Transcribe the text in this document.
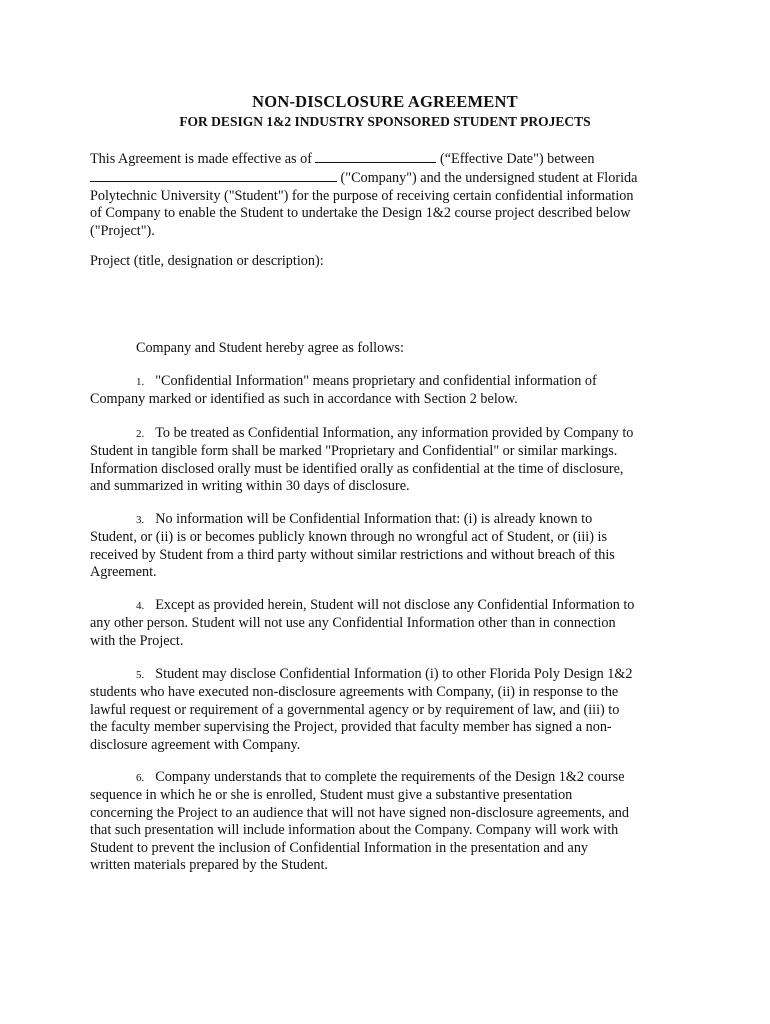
NON-DISCLOSURE AGREEMENT
FOR DESIGN 1&2 INDUSTRY SPONSORED STUDENT PROJECTS
This Agreement is made effective as of	(“Effective Date") between
("Company") and the undersigned student at Florida
Polytechnic University ("Student") for the purpose of receiving certain confidential information
of Company to enable the Student to undertake the Design 1&2 course project described below
("Project").
Project (title, designation or description):
Company and Student hereby agree as follows:
1. "Confidential Information" means proprietary and confidential information of
Company marked or identified as such in accordance with Section 2 below.
2. To be treated as Confidential Information, any information provided by Company to
Student in tangible form shall be marked "Proprietary and Confidential" or similar markings.
Information disclosed orally must be identified orally as confidential at the time of disclosure,
and summarized in writing within 30 days of disclosure.
3. No information will be Confidential Information that: (i) is already known to
Student, or (ii) is or becomes publicly known through no wrongful act of Student, or (iii) is
received by Student from a third party without similar restrictions and without breach of this
Agreement.
4. Except as provided herein, Student will not disclose any Confidential Information to
any other person. Student will not use any Confidential Information other than in connection
with the Project.
5. Student may disclose Confidential Information (i) to other Florida Poly Design 1&2
students who have executed non-disclosure agreements with Company, (ii) in response to the
lawful request or requirement of a governmental agency or by requirement of law, and (iii) to
the faculty member supervising the Project, provided that faculty member has signed a non-
disclosure agreement with Company.
6. Company understands that to complete the requirements of the Design 1&2 course
sequence in which he or she is enrolled, Student must give a substantive presentation
concerning the Project to an audience that will not have signed non-disclosure agreements, and
that such presentation will include information about the Company. Company will work with
Student to prevent the inclusion of Confidential Information in the presentation and any
written materials prepared by the Student.
